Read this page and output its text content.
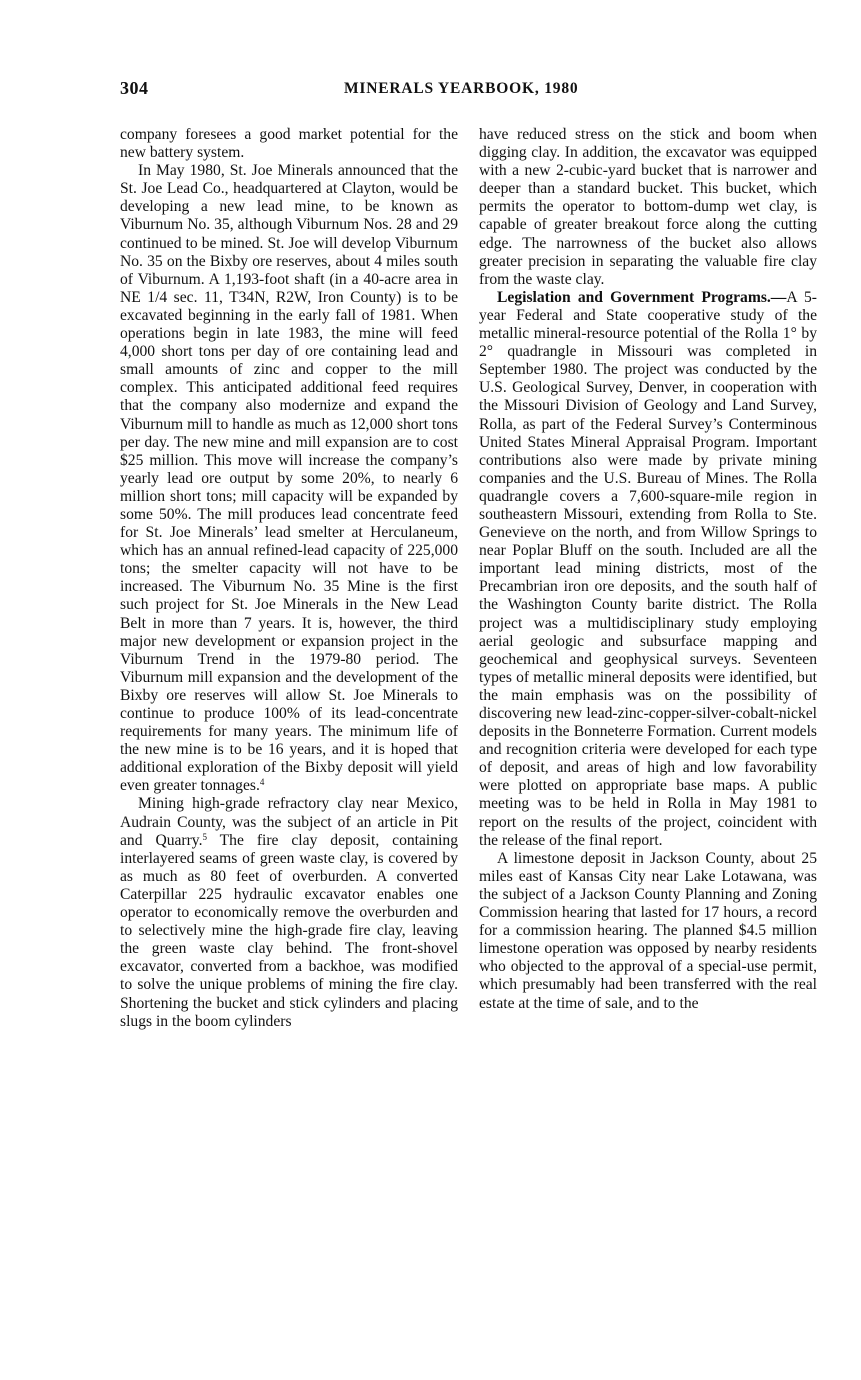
304	MINERALS YEARBOOK, 1980

company foresees a good market potential for the new battery system.

In May 1980, St. Joe Minerals announced that the St. Joe Lead Co., headquartered at Clayton, would be developing a new lead mine, to be known as Viburnum No. 35, although Viburnum Nos. 28 and 29 continued to be mined. St. Joe will develop Viburnum No. 35 on the Bixby ore reserves, about 4 miles south of Viburnum. A 1,193-foot shaft (in a 40-acre area in NE 1/4 sec. 11, T34N, R2W, Iron County) is to be excavated beginning in the early fall of 1981. When operations begin in late 1983, the mine will feed 4,000 short tons per day of ore containing lead and small amounts of zinc and copper to the mill complex. This anticipated additional feed requires that the company also modernize and expand the Viburnum mill to handle as much as 12,000 short tons per day. The new mine and mill expansion are to cost $25 million. This move will increase the company’s yearly lead ore output by some 20%, to nearly 6 million short tons; mill capacity will be expanded by some 50%. The mill produces lead concentrate feed for St. Joe Minerals’ lead smelter at Herculaneum, which has an annual refined-lead capacity of 225,000 tons; the smelter capacity will not have to be increased. The Viburnum No. 35 Mine is the first such project for St. Joe Minerals in the New Lead Belt in more than 7 years. It is, however, the third major new development or expansion project in the Viburnum Trend in the 1979-80 period. The Viburnum mill expansion and the development of the Bixby ore reserves will allow St. Joe Minerals to continue to produce 100% of its lead-concentrate requirements for many years. The minimum life of the new mine is to be 16 years, and it is hoped that additional exploration of the Bixby deposit will yield even greater tonnages.$^4$

Mining high-grade refractory clay near Mexico, Audrain County, was the subject of an article in Pit and Quarry.$^5$ The fire clay deposit, containing interlayered seams of green waste clay, is covered by as much as 80 feet of overburden. A converted Caterpillar 225 hydraulic excavator enables one operator to economically remove the overburden and to selectively mine the high-grade fire clay, leaving the green waste clay behind. The front-shovel excavator, converted from a backhoe, was modified to solve the unique problems of mining the fire clay. Shortening the bucket and stick cylinders and placing slugs in the boom cylinders

have reduced stress on the stick and boom when digging clay. In addition, the excavator was equipped with a new 2-cubic-yard bucket that is narrower and deeper than a standard bucket. This bucket, which permits the operator to bottom-dump wet clay, is capable of greater breakout force along the cutting edge. The narrowness of the bucket also allows greater precision in separating the valuable fire clay from the waste clay.

Legislation and Government Programs.—A 5-year Federal and State cooperative study of the metallic mineral-resource potential of the Rolla 1° by 2° quadrangle in Missouri was completed in September 1980. The project was conducted by the U.S. Geological Survey, Denver, in cooperation with the Missouri Division of Geology and Land Survey, Rolla, as part of the Federal Survey’s Conterminous United States Mineral Appraisal Program. Important contributions also were made by private mining companies and the U.S. Bureau of Mines. The Rolla quadrangle covers a 7,600-square-mile region in southeastern Missouri, extending from Rolla to Ste. Genevieve on the north, and from Willow Springs to near Poplar Bluff on the south. Included are all the important lead mining districts, most of the Precambrian iron ore deposits, and the south half of the Washington County barite district. The Rolla project was a multidisciplinary study employing aerial geologic and subsurface mapping and geochemical and geophysical surveys. Seventeen types of metallic mineral deposits were identified, but the main emphasis was on the possibility of discovering new lead-zinc-copper-silver-cobalt-nickel deposits in the Bonneterre Formation. Current models and recognition criteria were developed for each type of deposit, and areas of high and low favorability were plotted on appropriate base maps. A public meeting was to be held in Rolla in May 1981 to report on the results of the project, coincident with the release of the final report.

A limestone deposit in Jackson County, about 25 miles east of Kansas City near Lake Lotawana, was the subject of a Jackson County Planning and Zoning Commission hearing that lasted for 17 hours, a record for a commission hearing. The planned $4.5 million limestone operation was opposed by nearby residents who objected to the approval of a special-use permit, which presumably had been transferred with the real estate at the time of sale, and to the
